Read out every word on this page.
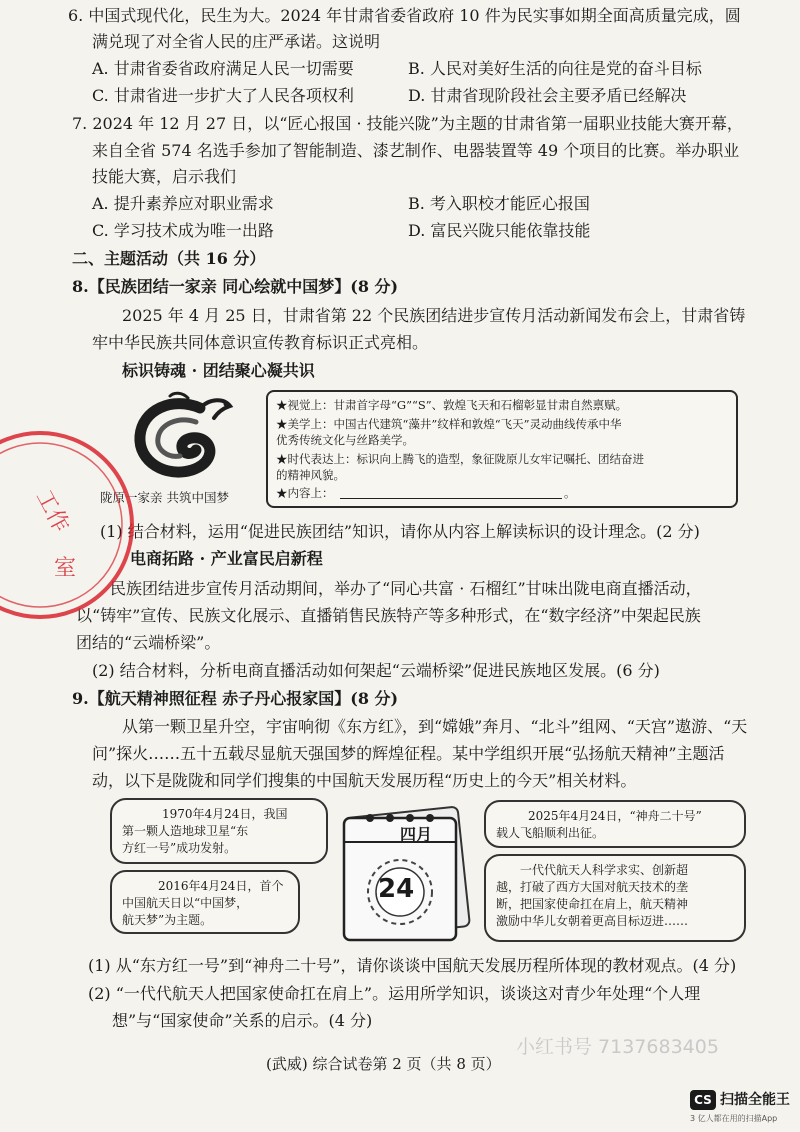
6. 中国式现代化，民生为大。2024 年甘肃省委省政府 10 件为民实事如期全面高质量完成，圆
满兑现了对全省人民的庄严承诺。这说明
A. 甘肃省委省政府满足人民一切需要	B. 人民对美好生活的向往是党的奋斗目标
C. 甘肃省进一步扩大了人民各项权利	D. 甘肃省现阶段社会主要矛盾已经解决
7. 2024 年 12 月 27 日，以“匠心报国 · 技能兴陇”为主题的甘肃省第一届职业技能大赛开幕，
来自全省 574 名选手参加了智能制造、漆艺制作、电器装置等 49 个项目的比赛。举办职业
技能大赛，启示我们
A. 提升素养应对职业需求	B. 考入职校才能匠心报国
C. 学习技术成为唯一出路	D. 富民兴陇只能依靠技能
二、主题活动（共 16 分）
8.【民族团结一家亲 同心绘就中国梦】(8 分)
2025 年 4 月 25 日，甘肃省第 22 个民族团结进步宣传月活动新闻发布会上，甘肃省铸
牢中华民族共同体意识宣传教育标识正式亮相。
标识铸魂 · 团结聚心凝共识
陇原一家亲 共筑中国梦
★视觉上：甘肃首字母“G”“S”、敦煌飞天和石榴彰显甘肃自然禀赋。
★美学上：中国古代建筑“藻井”纹样和敦煌“飞天”灵动曲线传承中华
优秀传统文化与丝路美学。
★时代表达上：标识向上腾飞的造型，象征陇原儿女牢记嘱托、团结奋进
的精神风貌。
★内容上：	。
(1) 结合材料，运用“促进民族团结”知识，请你从内容上解读标识的设计理念。(2 分)
电商拓路 · 产业富民启新程
民族团结进步宣传月活动期间，举办了“同心共富 · 石榴红”甘味出陇电商直播活动，
以“铸牢”宣传、民族文化展示、直播销售民族特产等多种形式，在“数字经济”中架起民族
团结的“云端桥梁”。
(2) 结合材料，分析电商直播活动如何架起“云端桥梁”促进民族地区发展。(6 分)
工作
室
9.【航天精神照征程 赤子丹心报家国】(8 分)
从第一颗卫星升空，宇宙响彻《东方红》，到“嫦娥”奔月、“北斗”组网、“天宫”遨游、“天
问”探火……五十五载尽显航天强国梦的辉煌征程。某中学组织开展“弘扬航天精神”主题活
动，以下是陇陇和同学们搜集的中国航天发展历程“历史上的今天”相关材料。
1970年4月24日，我国
第一颗人造地球卫星“东
方红一号”成功发射。
2016年4月24日，首个
中国航天日以“中国梦，
航天梦”为主题。
2025年4月24日，“神舟二十号”
载人飞船顺利出征。
一代代航天人科学求实、创新超
越，打破了西方大国对航天技术的垄
断，把国家使命扛在肩上，航天精神
激励中华儿女朝着更高目标迈进……
四月
24
(1) 从“东方红一号”到“神舟二十号”，请你谈谈中国航天发展历程所体现的教材观点。(4 分)
(2) “一代代航天人把国家使命扛在肩上”。运用所学知识，谈谈这对青少年处理“个人理
想”与“国家使命”关系的启示。(4 分)
小红书号 7137683405
(武威) 综合试卷第 2 页（共 8 页）
CS 扫描全能王
3 亿人都在用的扫描App
